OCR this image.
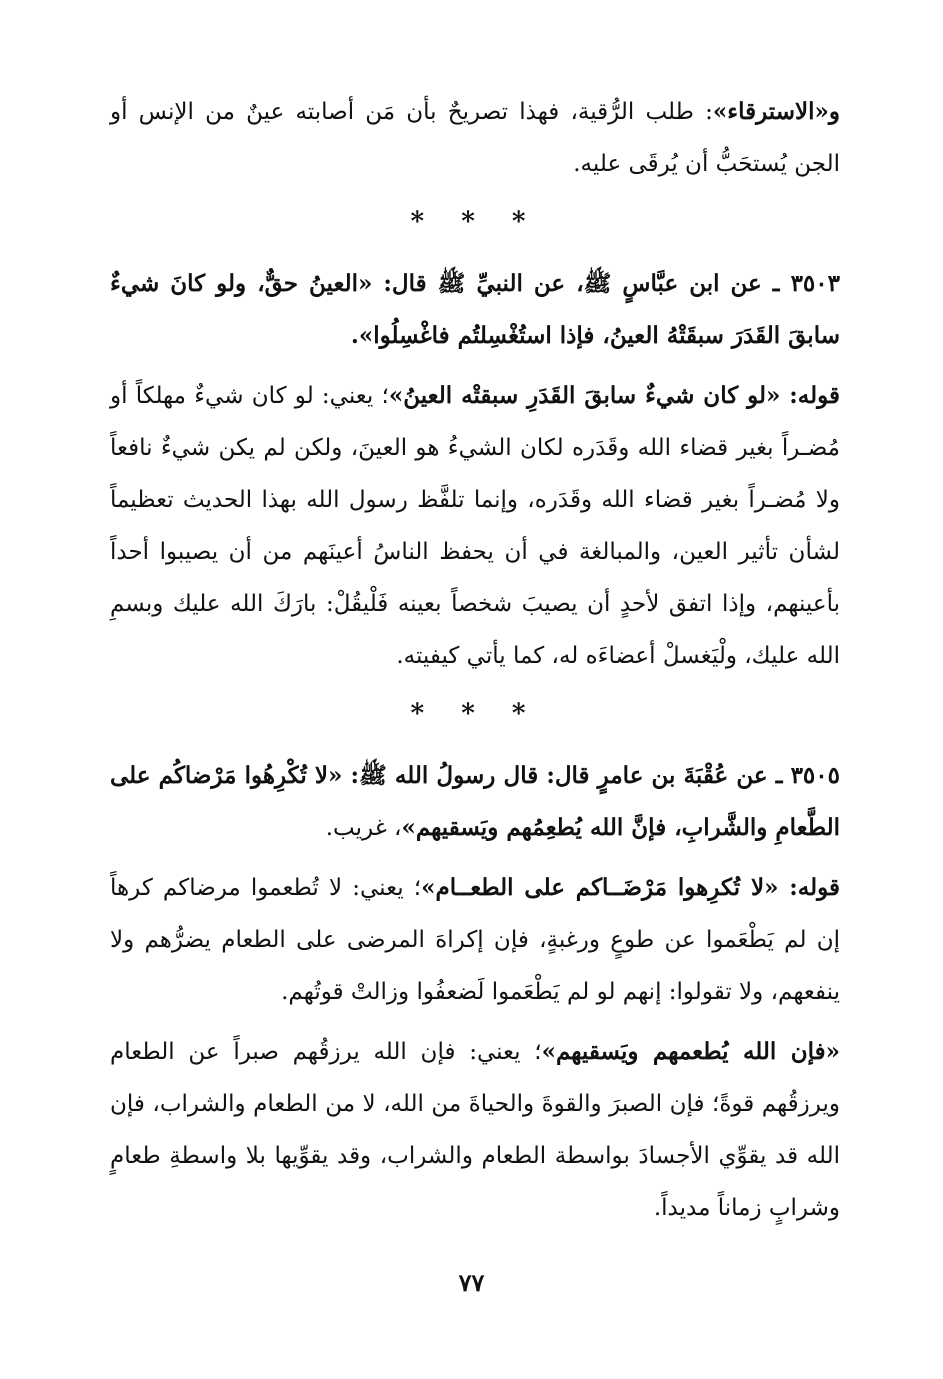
و«الاسترقاء»: طلب الرُّقية، فهذا تصريحٌ بأن مَن أصابته عينٌ من الإنس أو الجن يُستحَبُّ أن يُرقَى عليه.

* * *

٣٥٠٣ ـ عن ابن عبَّاسٍ ﷺ، عن النبيِّ ﷺ قال: «العينُ حقٌّ، ولو كانَ شيءٌ سابقَ القَدَرَ سبقَتْهُ العينُ، فإذا استُغْسِلتُم فاغْسِلُوا».

قوله: «لو كان شيءٌ سابقَ القَدَرِ سبقتْه العينُ»؛ يعني: لو كان شيءٌ مهلكاً أو مُضـراً بغير قضاء الله وقَدَره لكان الشيءُ هو العينَ، ولكن لم يكن شيءٌ نافعاً ولا مُضـراً بغير قضاء الله وقَدَره، وإنما تلفَّظ رسول الله بهذا الحديث تعظيماً لشأن تأثير العين، والمبالغة في أن يحفظ الناسُ أعينَهم من أن يصيبوا أحداً بأعينهم، وإذا اتفق لأحدٍ أن يصيبَ شخصاً بعينه فَلْيقُلْ: بارَكَ الله عليك وبسمِ الله عليك، ولْيَغسلْ أعضاءَه له، كما يأتي كيفيته.

* * *

٣٥٠٥ ـ عن عُقْبَةَ بن عامرٍ قال: قال رسولُ الله ﷺ: «لا تُكْرِهُوا مَرْضاكُم على الطَّعامِ والشَّرابِ، فإنَّ الله يُطعِمُهم ويَسقيهم»، غريب.

قوله: «لا تُكرِهوا مَرْضَــاكم على الطعــام»؛ يعني: لا تُطعموا مرضاكم كرهاً إن لم يَطْعَموا عن طوعٍ ورغبةٍ، فإن إكراهَ المرضى على الطعام يضرُّهم ولا ينفعهم، ولا تقولوا: إنهم لو لم يَطْعَموا لَضعفُوا وزالتْ قوتُهم.

«فإن الله يُطعمهم ويَسقيهم»؛ يعني: فإن الله يرزقُهم صبراً عن الطعام ويرزقُهم قوةً؛ فإن الصبرَ والقوةَ والحياةَ من الله، لا من الطعام والشراب، فإن الله قد يقوِّي الأجسادَ بواسطة الطعام والشراب، وقد يقوِّيها بلا واسطةِ طعامٍ وشرابٍ زماناً مديداً.

٧٧
